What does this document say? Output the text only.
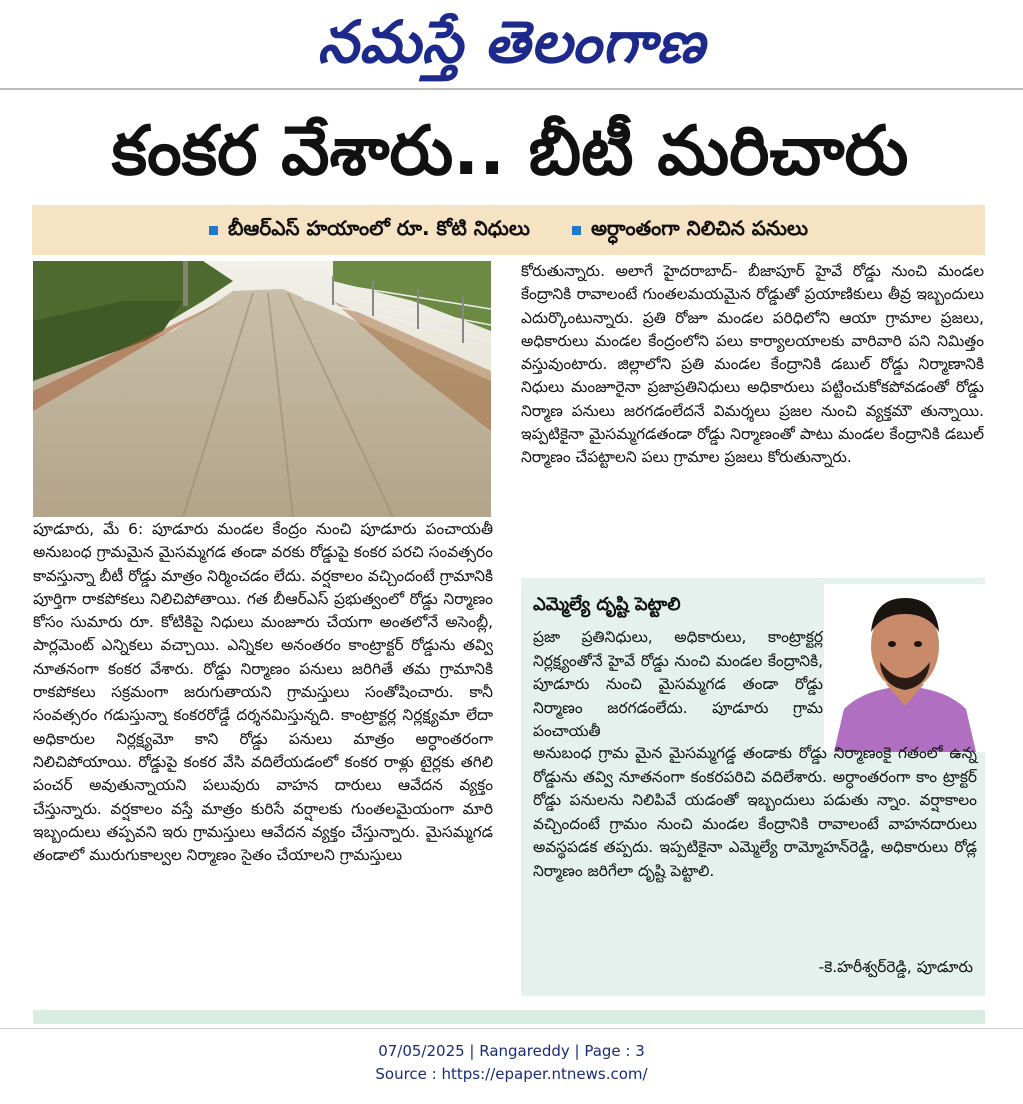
నమస్తే తెలంగాణ
కంకర వేశారు.. బీటీ మరిచారు
బీఆర్ఎస్ హయాంలో రూ. కోటి నిధులు	అర్ధాంతంగా నిలిచిన పనులు

పూడూరు, మే 6: పూడూరు మండల కేంద్రం నుంచి పూడూరు పంచాయతీ అనుబంధ గ్రామమైన మైసమ్మగడ తండా వరకు రోడ్డుపై కంకర పరచి సంవత్సరం కావస్తున్నా బీటీ రోడ్డు మాత్రం నిర్మించడం లేదు. వర్షకాలం వచ్చిందంటే గ్రామానికి పూర్తిగా రాకపోకలు నిలిచిపోతాయి. గత బీఆర్ఎస్ ప్రభుత్వంలో రోడ్డు నిర్మాణం కోసం సుమారు రూ. కోటికిపై నిధులు మంజూరు చేయగా అంతలోనే అసెంబ్లీ, పార్లమెంట్ ఎన్నికలు వచ్చాయి. ఎన్నికల అనంతరం కాంట్రాక్టర్ రోడ్డును తవ్వి నూతనంగా కంకర వేశారు. రోడ్డు నిర్మాణం పనులు జరిగితే తమ గ్రామానికి రాకపోకలు సక్రమంగా జరుగుతాయని గ్రామస్తులు సంతోషించారు. కానీ సంవత్సరం గడుస్తున్నా కంకరరోడ్డే దర్శనమిస్తున్నది. కాంట్రాక్టర్ల నిర్లక్ష్యమా లేదా అధికారుల నిర్లక్ష్యమో కాని రోడ్డు పనులు మాత్రం అర్ధాంతరంగా నిలిచిపోయాయి. రోడ్డుపై కంకర వేసి వదిలేయడంలో కంకర రాళ్లు టైర్లకు తగిలి పంచర్ అవుతున్నాయని పలువురు వాహన దారులు ఆవేదన వ్యక్తం చేస్తున్నారు. వర్షకాలం వస్తే మాత్రం కురిసే వర్షాలకు గుంతలమైయంగా మారి ఇబ్బందులు తప్పవని ఇరు గ్రామస్తులు ఆవేదన వ్యక్తం చేస్తున్నారు. మైసమ్మగడ తండాలో మురుగుకాల్వల నిర్మాణం సైతం చేయాలని గ్రామస్తులు

కోరుతున్నారు. అలాగే హైదరాబాద్- బీజాపూర్ హైవే రోడ్డు నుంచి మండల కేంద్రానికి రావాలంటే గుంతలమయమైన రోడ్డుతో ప్రయాణికులు తీవ్ర ఇబ్బందులు ఎదుర్కొంటున్నారు. ప్రతి రోజూ మండల పరిధిలోని ఆయా గ్రామాల ప్రజలు, అధికారులు మండల కేంద్రంలోని పలు కార్యాలయాలకు వారివారి పని నిమిత్తం వస్తువుంటారు. జిల్లాలోని ప్రతి మండల కేంద్రానికి డబుల్ రోడ్డు నిర్మాణానికి నిధులు మంజూరైనా ప్రజాప్రతినిధులు అధికారులు పట్టించుకోకపోవడంతో రోడ్డు నిర్మాణ పనులు జరగడంలేదనే విమర్శలు ప్రజల నుంచి వ్యక్తమౌ తున్నాయి. ఇప్పటికైనా మైసమ్మగడతండా రోడ్డు నిర్మాణంతో పాటు మండల కేంద్రానికి డబుల్ నిర్మాణం చేపట్టాలని పలు గ్రామాల ప్రజలు కోరుతున్నారు.

ఎమ్మెల్యే దృష్టి పెట్టాలి
ప్రజా ప్రతినిధులు, అధికారులు, కాంట్రాక్టర్ల నిర్లక్ష్యంతోనే హైవే రోడ్డు నుంచి మండల కేంద్రానికి, పూడూరు నుంచి మైసమ్మగడ తండా రోడ్డు నిర్మాణం జరగడంలేదు. పూడూరు గ్రామ పంచాయతీ
అనుబంధ గ్రామ మైన మైసమ్మగడ్డ తండాకు రోడ్డు నిర్మాణంకై గతంలో ఉన్న రోడ్డును తవ్వి నూతనంగా కంకరపరిచి వదిలేశారు. అర్ధాంతరంగా కాం ట్రాక్టర్ రోడ్డు పనులను నిలిపివే యడంతో ఇబ్బందులు పడుతు న్నాం. వర్షాకాలం వచ్చిందంటే గ్రామం నుంచి మండల కేంద్రానికి రావాలంటే వాహనదారులు అవస్థపడక తప్పదు. ఇప్పటికైనా ఎమ్మెల్యే రామ్మోహన్‌రెడ్డి, అధికారులు రోడ్ల నిర్మాణం జరిగేలా దృష్టి పెట్టాలి.
-కె.హరీశ్వర్‌రెడ్డి, పూడూరు
07/05/2025 | Rangareddy | Page : 3
Source : https://epaper.ntnews.com/
